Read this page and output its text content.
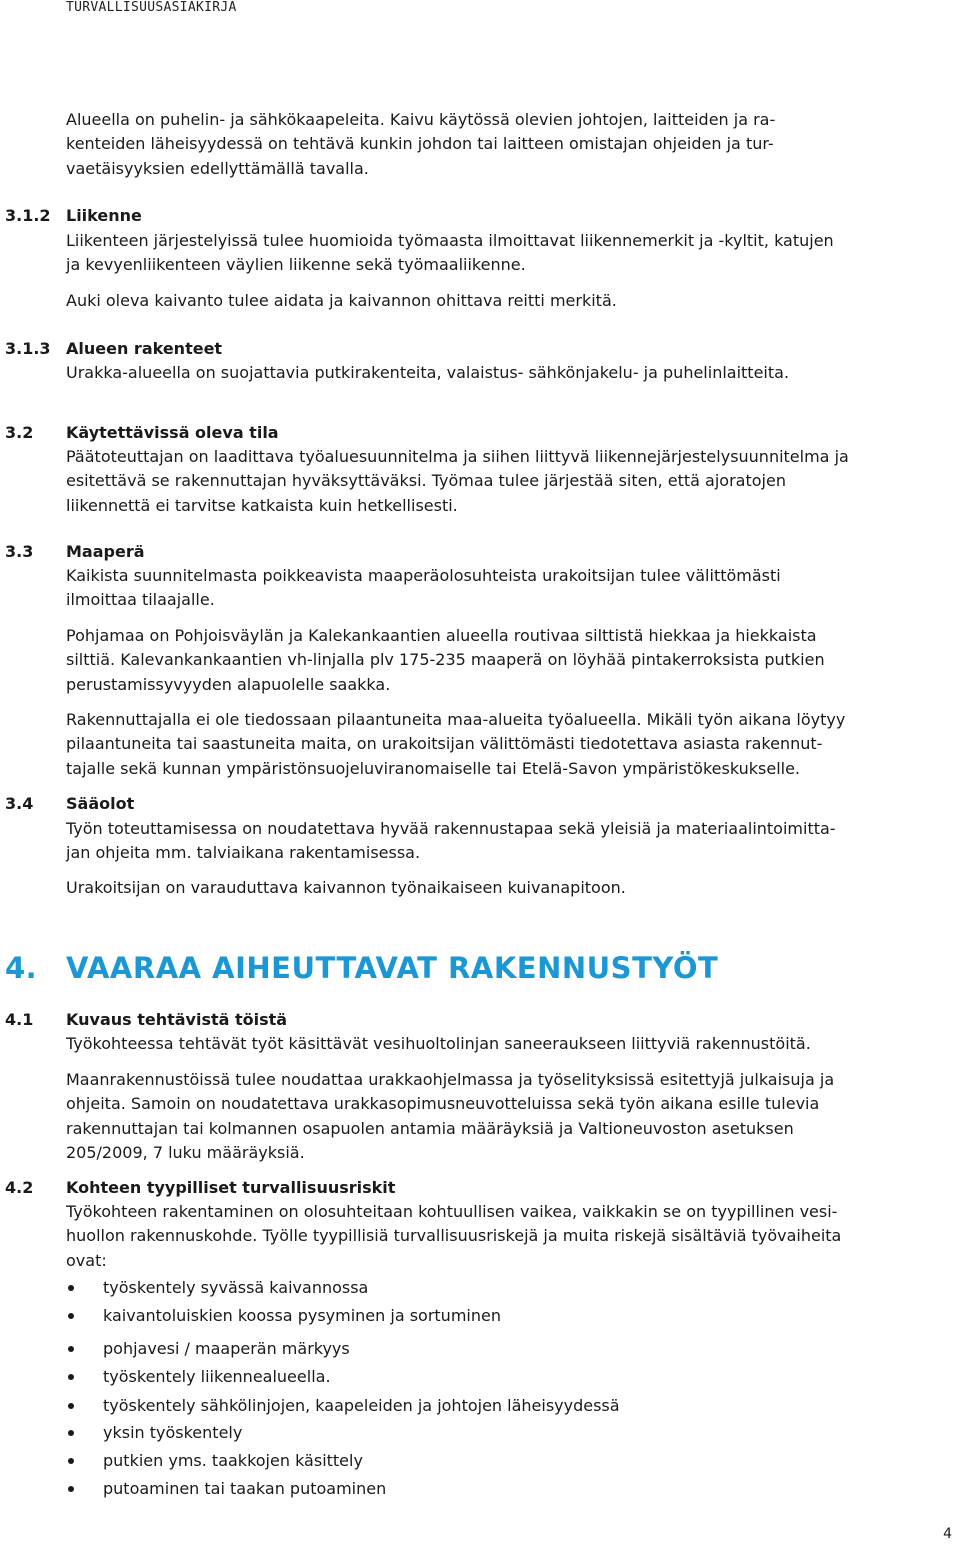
TURVALLISUUSASIAKIRJA
Alueella on puhelin- ja sähkökaapeleita. Kaivu käytössä olevien johtojen, laitteiden ja ra-
kenteiden läheisyydessä on tehtävä kunkin johdon tai laitteen omistajan ohjeiden ja tur-
vaetäisyyksien edellyttämällä tavalla.
3.1.2 Liikenne
Liikenteen järjestelyissä tulee huomioida työmaasta ilmoittavat liikennemerkit ja -kyltit, katujen
ja kevyenliikenteen väylien liikenne sekä työmaaliikenne.
Auki oleva kaivanto tulee aidata ja kaivannon ohittava reitti merkitä.
3.1.3 Alueen rakenteet
Urakka-alueella on suojattavia putkirakenteita, valaistus- sähkönjakelu- ja puhelinlaitteita.
3.2 Käytettävissä oleva tila
Päätoteuttajan on laadittava työaluesuunnitelma ja siihen liittyvä liikennejärjestelysuunnitelma ja
esitettävä se rakennuttajan hyväksyttäväksi. Työmaa tulee järjestää siten, että ajoratojen
liikennettä ei tarvitse katkaista kuin hetkellisesti.
3.3 Maaperä
Kaikista suunnitelmasta poikkeavista maaperäolosuhteista urakoitsijan tulee välittömästi
ilmoittaa tilaajalle.
Pohjamaa on Pohjoisväylän ja Kalekankaantien alueella routivaa silttistä hiekkaa ja hiekkaista
silttiä. Kalevankankaantien vh-linjalla plv 175-235 maaperä on löyhää pintakerroksista putkien
perustamissyvyyden alapuolelle saakka.
Rakennuttajalla ei ole tiedossaan pilaantuneita maa-alueita työalueella. Mikäli työn aikana löytyy
pilaantuneita tai saastuneita maita, on urakoitsijan välittömästi tiedotettava asiasta rakennut-
tajalle sekä kunnan ympäristönsuojeluviranomaiselle tai Etelä-Savon ympäristökeskukselle.
3.4 Sääolot
Työn toteuttamisessa on noudatettava hyvää rakennustapaa sekä yleisiä ja materiaalintoimitta-
jan ohjeita mm. talviaikana rakentamisessa.
Urakoitsijan on varauduttava kaivannon työnaikaiseen kuivanapitoon.
4. VAARAA AIHEUTTAVAT RAKENNUSTYÖT
4.1 Kuvaus tehtävistä töistä
Työkohteessa tehtävät työt käsittävät vesihuoltolinjan saneeraukseen liittyviä rakennustöitä.
Maanrakennustöissä tulee noudattaa urakkaohjelmassa ja työselityksissä esitettyjä julkaisuja ja
ohjeita. Samoin on noudatettava urakkasopimusneuvotteluissa sekä työn aikana esille tulevia
rakennuttajan tai kolmannen osapuolen antamia määräyksiä ja Valtioneuvoston asetuksen
205/2009, 7 luku määräyksiä.
4.2 Kohteen tyypilliset turvallisuusriskit
Työkohteen rakentaminen on olosuhteitaan kohtuullisen vaikea, vaikkakin se on tyypillinen vesi-
huollon rakennuskohde. Työlle tyypillisiä turvallisuusriskejä ja muita riskejä sisältäviä työvaiheita
ovat:
työskentely syvässä kaivannossa
kaivantoluiskien koossa pysyminen ja sortuminen
pohjavesi / maaperän märkyys
työskentely liikennealueella.
työskentely sähkölinjojen, kaapeleiden ja johtojen läheisyydessä
yksin työskentely
putkien yms. taakkojen käsittely
putoaminen tai taakan putoaminen
4
